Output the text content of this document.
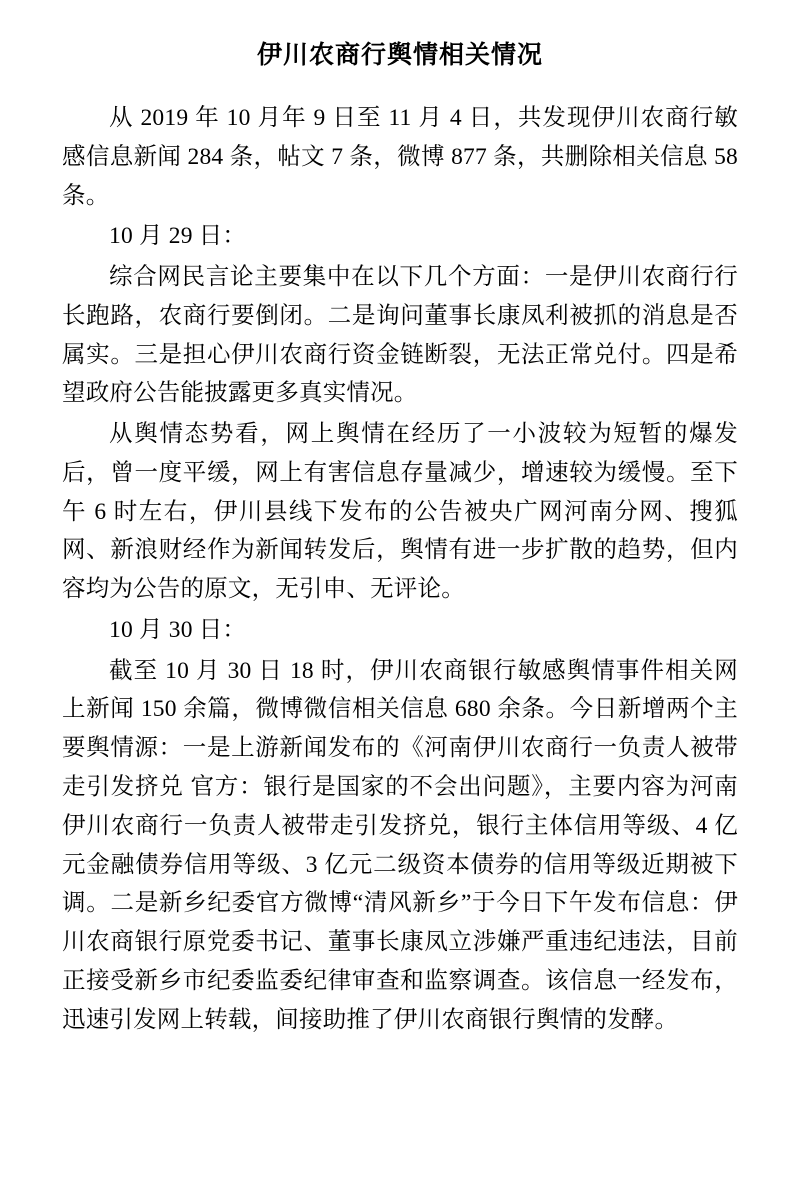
伊川农商行舆情相关情况

从 2019 年 10 月年 9 日至 11 月 4 日，共发现伊川农商行敏感信息新闻 284 条，帖文 7 条，微博 877 条，共删除相关信息 58 条。

10 月 29 日：

综合网民言论主要集中在以下几个方面：一是伊川农商行行长跑路，农商行要倒闭。二是询问董事长康凤利被抓的消息是否属实。三是担心伊川农商行资金链断裂，无法正常兑付。四是希望政府公告能披露更多真实情况。

从舆情态势看，网上舆情在经历了一小波较为短暂的爆发后，曾一度平缓，网上有害信息存量减少，增速较为缓慢。至下午 6 时左右，伊川县线下发布的公告被央广网河南分网、搜狐网、新浪财经作为新闻转发后，舆情有进一步扩散的趋势，但内容均为公告的原文，无引申、无评论。

10 月 30 日：

截至 10 月 30 日 18 时，伊川农商银行敏感舆情事件相关网上新闻 150 余篇，微博微信相关信息 680 余条。今日新增两个主要舆情源：一是上游新闻发布的《河南伊川农商行一负责人被带走引发挤兑 官方：银行是国家的不会出问题》，主要内容为河南伊川农商行一负责人被带走引发挤兑，银行主体信用等级、4 亿元金融债券信用等级、3 亿元二级资本债券的信用等级近期被下调。二是新乡纪委官方微博“清风新乡”于今日下午发布信息：伊川农商银行原党委书记、董事长康凤立涉嫌严重违纪违法，目前正接受新乡市纪委监委纪律审查和监察调查。该信息一经发布，迅速引发网上转载，间接助推了伊川农商银行舆情的发酵。
